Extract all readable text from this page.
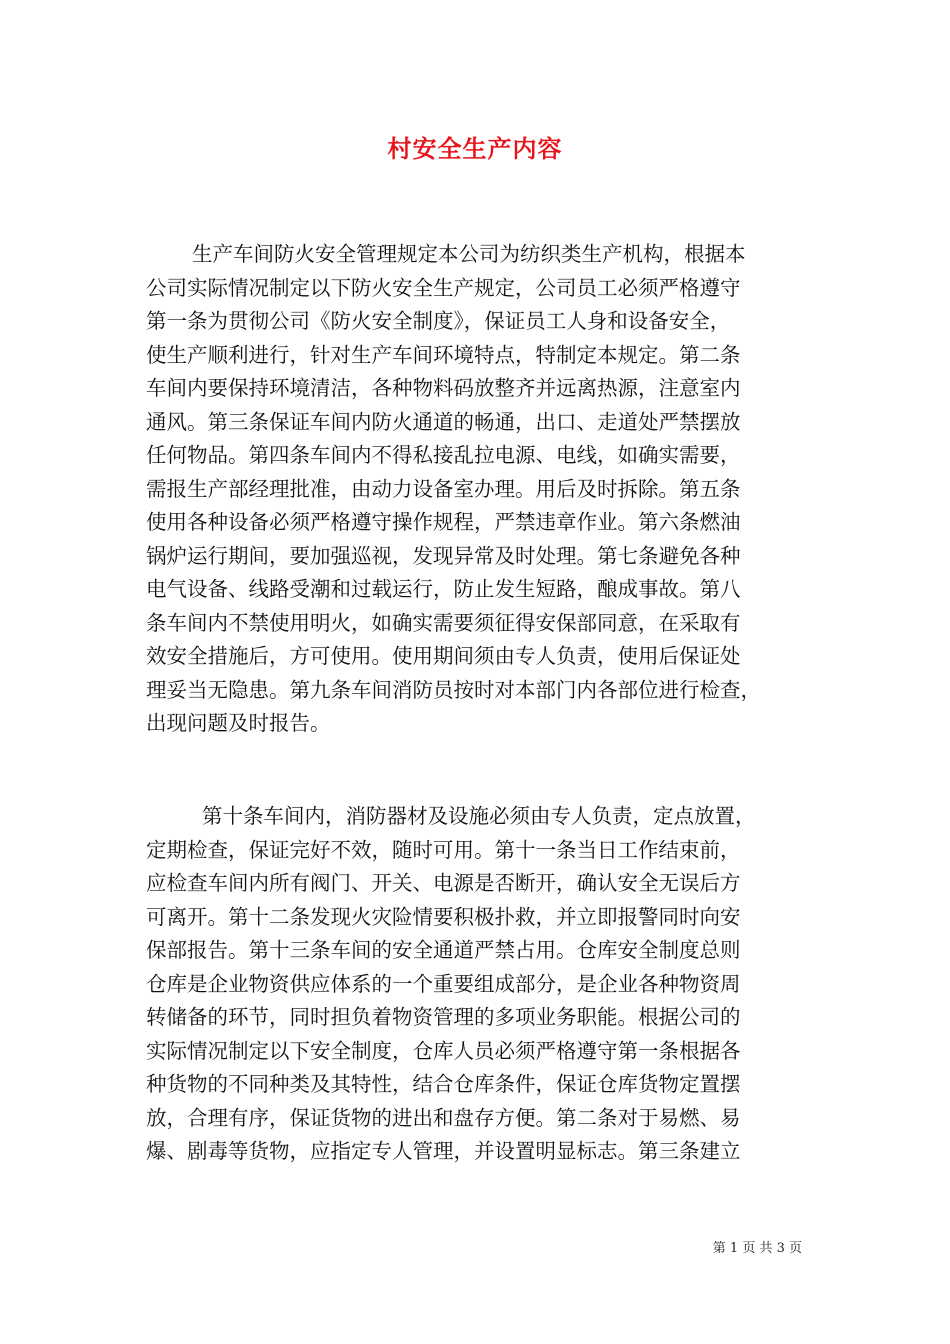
村安全生产内容
生产车间防火安全管理规定本公司为纺织类生产机构，根据本
公司实际情况制定以下防火安全生产规定，公司员工必须严格遵守
第一条为贯彻公司《防火安全制度》，保证员工人身和设备安全，
使生产顺利进行，针对生产车间环境特点，特制定本规定。第二条
车间内要保持环境清洁，各种物料码放整齐并远离热源，注意室内
通风。第三条保证车间内防火通道的畅通，出口、走道处严禁摆放
任何物品。第四条车间内不得私接乱拉电源、电线，如确实需要，
需报生产部经理批准，由动力设备室办理。用后及时拆除。第五条
使用各种设备必须严格遵守操作规程，严禁违章作业。第六条燃油
锅炉运行期间，要加强巡视，发现异常及时处理。第七条避免各种
电气设备、线路受潮和过载运行，防止发生短路，酿成事故。第八
条车间内不禁使用明火，如确实需要须征得安保部同意，在采取有
效安全措施后，方可使用。使用期间须由专人负责，使用后保证处
理妥当无隐患。第九条车间消防员按时对本部门内各部位进行检查，
出现问题及时报告。
第十条车间内，消防器材及设施必须由专人负责，定点放置，
定期检查，保证完好不效，随时可用。第十一条当日工作结束前，
应检查车间内所有阀门、开关、电源是否断开，确认安全无误后方
可离开。第十二条发现火灾险情要积极扑救，并立即报警同时向安
保部报告。第十三条车间的安全通道严禁占用。仓库安全制度总则
仓库是企业物资供应体系的一个重要组成部分，是企业各种物资周
转储备的环节，同时担负着物资管理的多项业务职能。根据公司的
实际情况制定以下安全制度，仓库人员必须严格遵守第一条根据各
种货物的不同种类及其特性，结合仓库条件，保证仓库货物定置摆
放，合理有序，保证货物的进出和盘存方便。第二条对于易燃、易
爆、剧毒等货物，应指定专人管理，并设置明显标志。第三条建立
第 1 页 共 3 页
